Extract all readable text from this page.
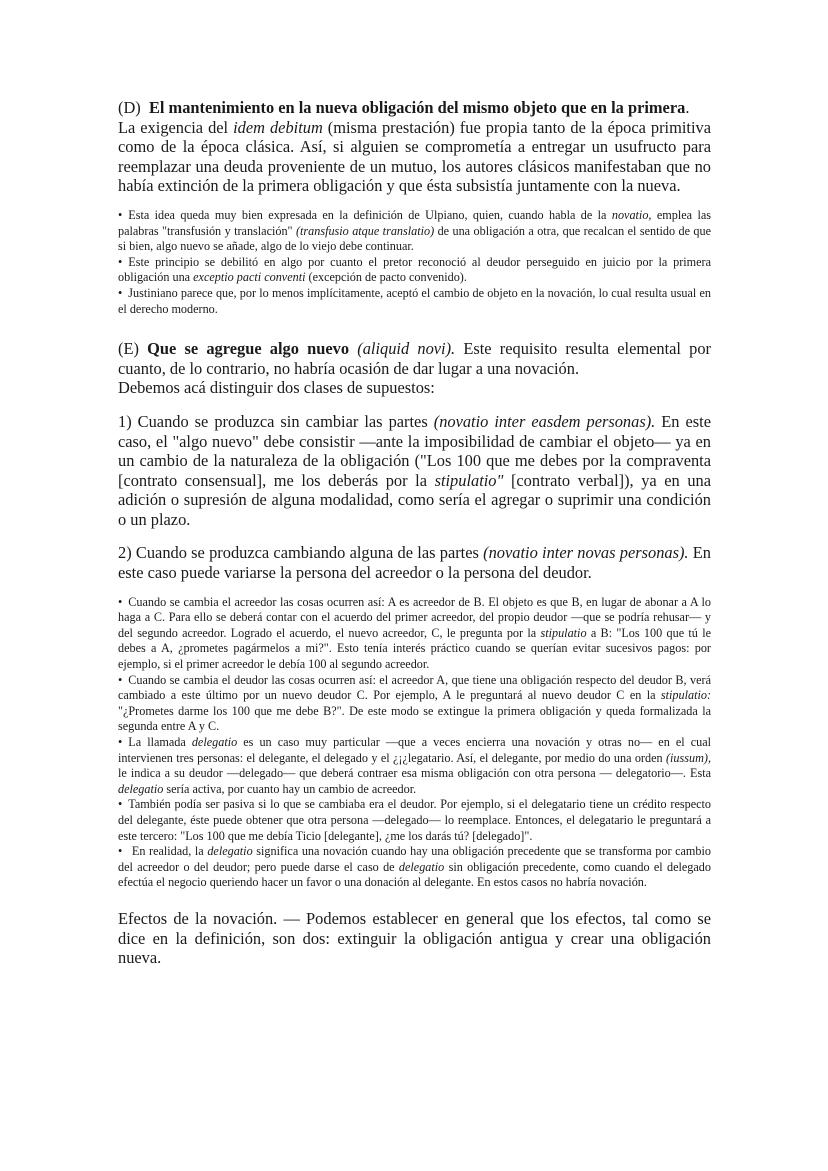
(D) El mantenimiento en la nueva obligación del mismo objeto que en la primera.
La exigencia del idem debitum (misma prestación) fue propia tanto de la época primitiva como de la época clásica. Así, si alguien se comprometía a entregar un usufructo para reemplazar una deuda proveniente de un mutuo, los autores clásicos manifestaban que no había extinción de la primera obligación y que ésta subsistía juntamente con la nueva.

• Esta idea queda muy bien expresada en la definición de Ulpiano, quien, cuando habla de la novatio, emplea las palabras "transfusión y translación" (transfusio atque translatio) de una obligación a otra, que recalcan el sentido de que si bien, algo nuevo se añade, algo de lo viejo debe continuar.

• Este principio se debilitó en algo por cuanto el pretor reconoció al deudor perseguido en juicio por la primera obligación una exceptio pacti conventi (excepción de pacto convenido).

• Justiniano parece que, por lo menos implícitamente, aceptó el cambio de objeto en la novación, lo cual resulta usual en el derecho moderno.

(E) Que se agregue algo nuevo (aliquid novi). Este requisito resulta elemental por cuanto, de lo contrario, no habría ocasión de dar lugar a una novación.

Debemos acá distinguir dos clases de supuestos:

1) Cuando se produzca sin cambiar las partes (novatio inter easdem personas). En este caso, el "algo nuevo" debe consistir —ante la imposibilidad de cambiar el objeto— ya en un cambio de la naturaleza de la obligación ("Los 100 que me debes por la compraventa [contrato consensual], me los deberás por la stipulatio" [contrato verbal]), ya en una adición o supresión de alguna modalidad, como sería el agregar o suprimir una condición o un plazo.

2) Cuando se produzca cambiando alguna de las partes (novatio inter novas personas). En este caso puede variarse la persona del acreedor o la persona del deudor.

• Cuando se cambia el acreedor las cosas ocurren así: A es acreedor de B. El objeto es que B, en lugar de abonar a A lo haga a C. Para ello se deberá contar con el acuerdo del primer acreedor, del propio deudor —que se podría rehusar— y del segundo acreedor. Logrado el acuerdo, el nuevo acreedor, C, le pregunta por la stipulatio a B: "Los 100 que tú le debes a A, ¿prometes pagármelos a mi?". Esto tenía interés práctico cuando se querían evitar sucesivos pagos: por ejemplo, si el primer acreedor le debía 100 al segundo acreedor.

• Cuando se cambia el deudor las cosas ocurren así: el acreedor A, que tiene una obligación respecto del deudor B, verá cambiado a este último por un nuevo deudor C. Por ejemplo, A le preguntará al nuevo deudor C en la stipulatio: "¿Prometes darme los 100 que me debe B?". De este modo se extingue la primera obligación y queda formalizada la segunda entre A y C.

• La llamada delegatio es un caso muy particular —que a veces encierra una novación y otras no— en el cual intervienen tres personas: el delegante, el delegado y el ¿¡¿legatario. Así, el delegante, por medio do una orden (iussum), le indica a su deudor —delegado— que deberá contraer esa misma obligación con otra persona — delegatorio—. Esta delegatio sería activa, por cuanto hay un cambio de acreedor.

• También podía ser pasiva si lo que se cambiaba era el deudor. Por ejemplo, si el delegatario tiene un crédito respecto del delegante, éste puede obtener que otra persona —delegado— lo reemplace. Entonces, el delegatario le preguntará a este tercero: "Los 100 que me debía Ticio [delegante], ¿me los darás tú? [delegado]".

• En realidad, la delegatio significa una novación cuando hay una obligación precedente que se transforma por cambio del acreedor o del deudor; pero puede darse el caso de delegatio sin obligación precedente, como cuando el delegado efectúa el negocio queriendo hacer un favor o una donación al delegante. En estos casos no habría novación.

Efectos de la novación. — Podemos establecer en general que los efectos, tal como se dice en la definición, son dos: extinguir la obligación antigua y crear una obligación nueva.
